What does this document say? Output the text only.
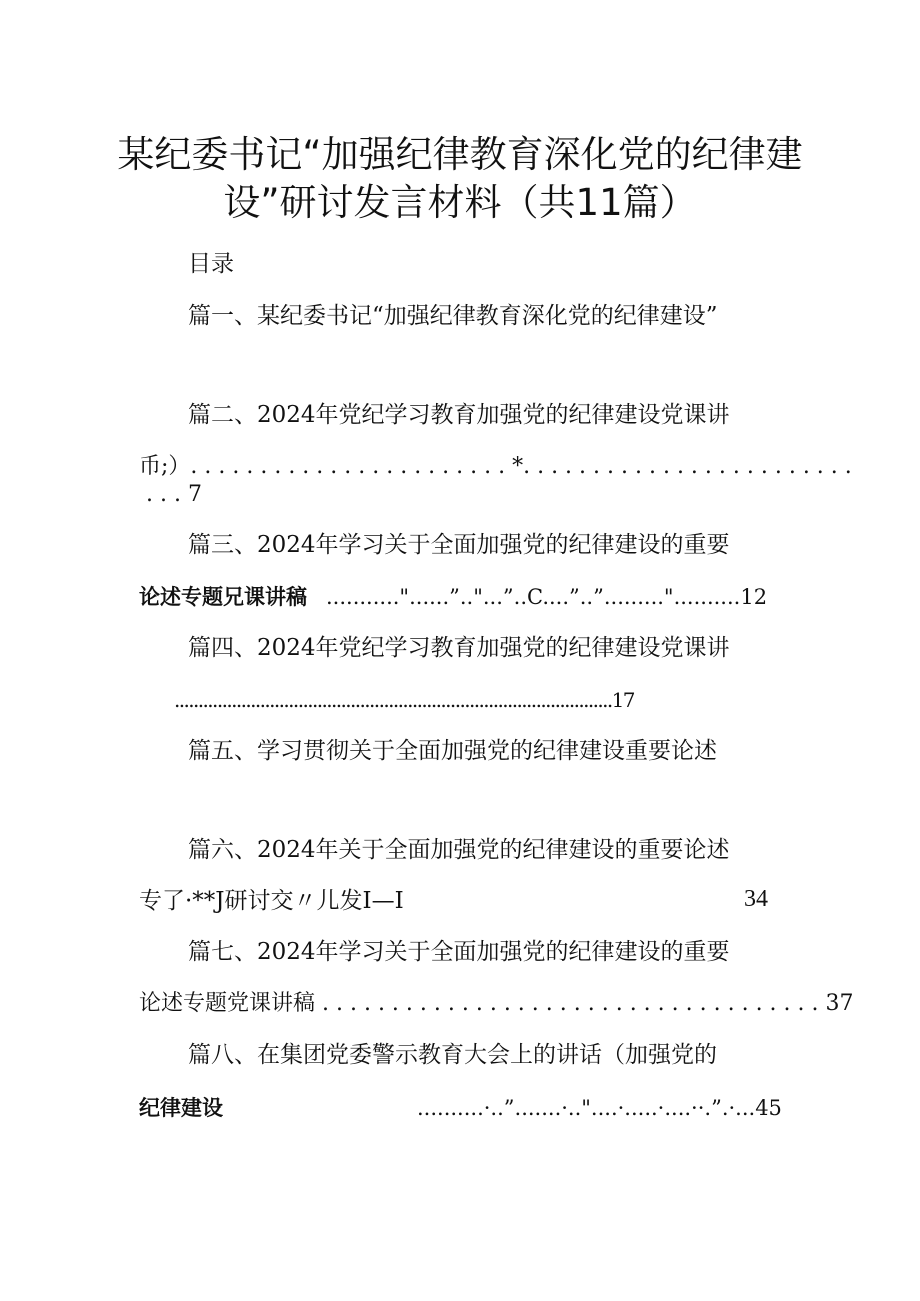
某纪委书记“加强纪律教育深化党的纪律建
设”研讨发言材料（共11篇）
目录
篇一、某纪委书记“加强纪律教育深化党的纪律建设”
篇二、2024年党纪学习教育加强党的纪律建设党课讲
币;）. . . . . . . . . . . . . . . . . . . . . . . *. . . . . . . . . . . . . . . . . . . . . . . .
. . . 7
篇三、2024年学习关于全面加强党的纪律建设的重要
论述专题兄课讲稿 ..........."......”.."...”..C....”..”........."..........12
篇四、2024年党纪学习教育加强党的纪律建设党课讲
............................................................................................17
篇五、学习贯彻关于全面加强党的纪律建设重要论述
篇六、2024年关于全面加强党的纪律建设的重要论述
专了·**J研讨交〃儿发I—I	34
篇七、2024年学习关于全面加强党的纪律建设的重要
论述专题党课讲稿 . . . . . . . . . . . . . . . . . . . . . . . . . . . . . . . . . . . . 37
篇八、在集团党委警示教育大会上的讲话（加强党的
纪律建设	..........·..”.......·.."....·.....·....··.”.·...45
